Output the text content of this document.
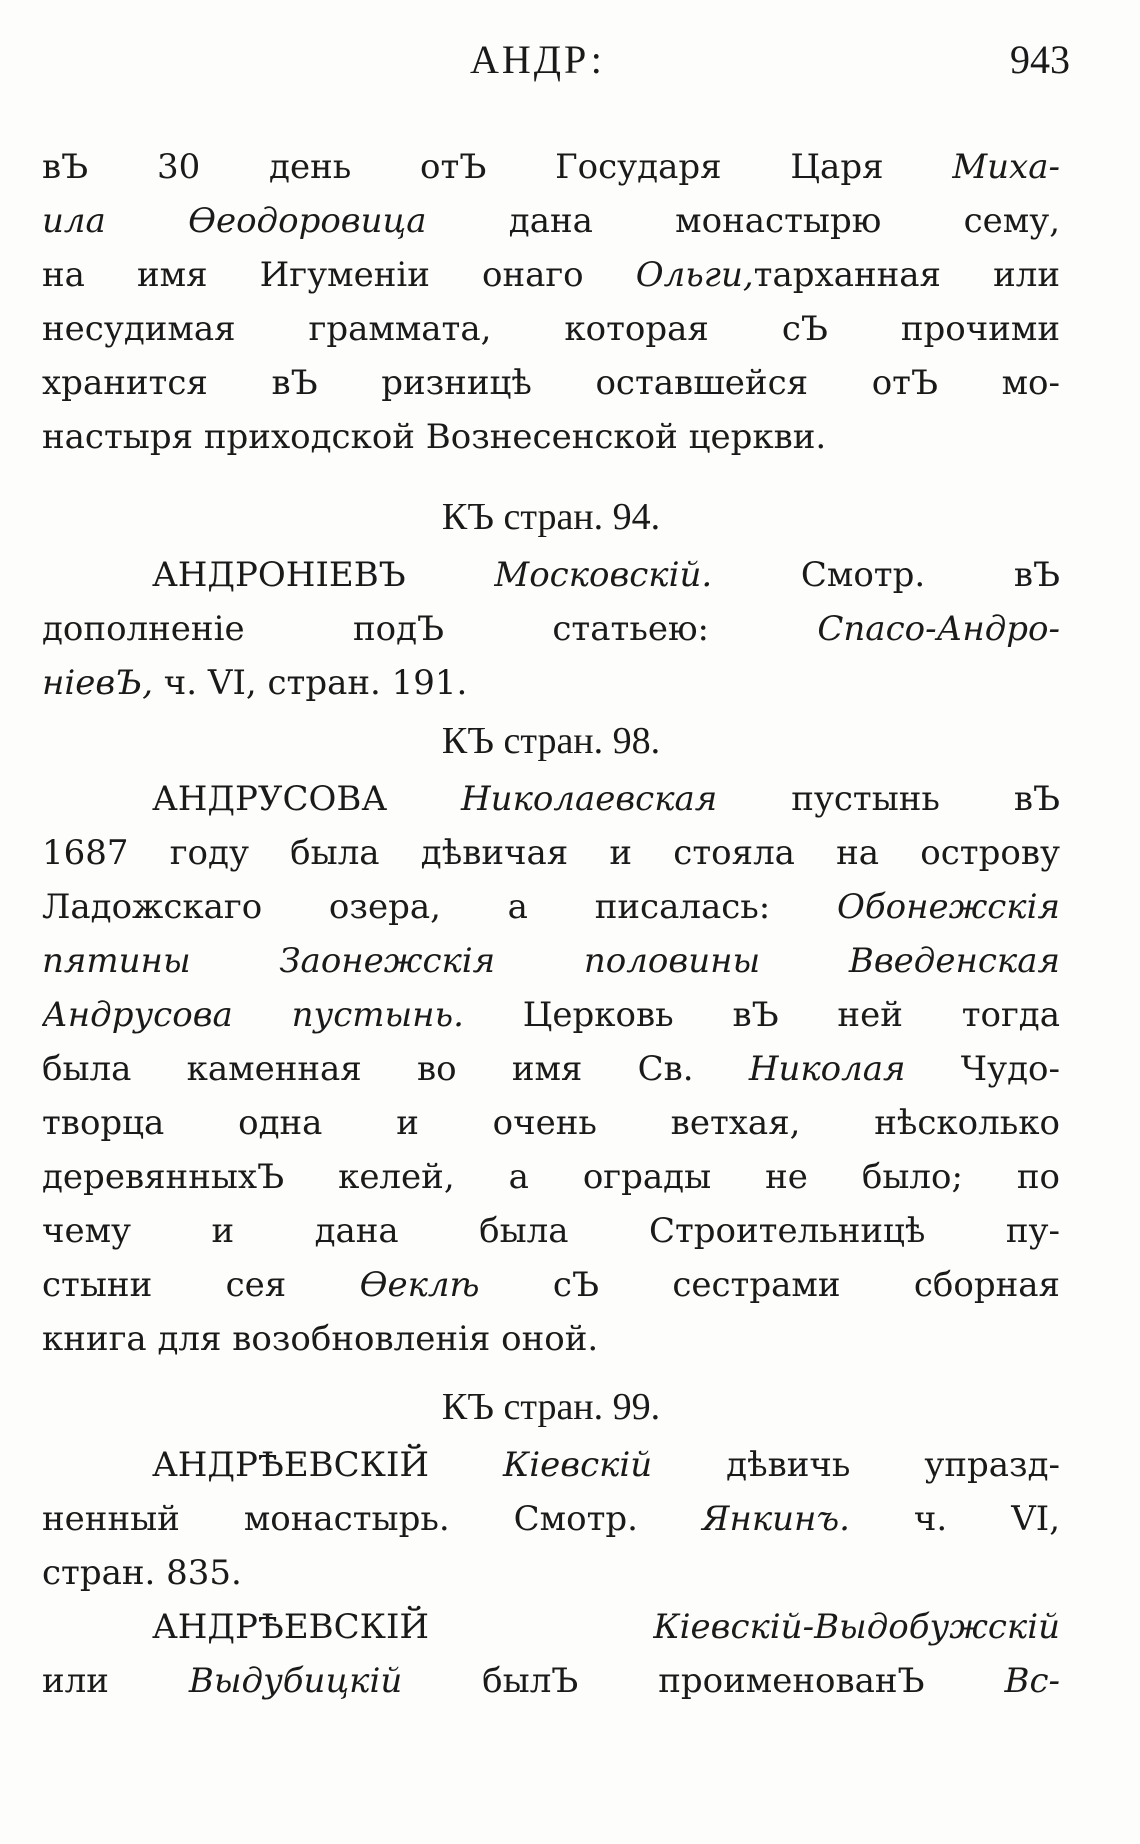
АНДР:	943
вЪ 30 день отЪ Государя Царя Миха-
ила Өеодоровица дана монастырю сему,
на имя Игуменіи онаго Ольги,тарханная или
несудимая граммата, которая сЪ прочими
хранится вЪ ризницѣ оставшейся отЪ мо-
настыря приходской Вознесенской церкви.
КЪ стран. 94.
АНДРОНІЕВЪ Московскій. Смотр. вЪ
дополненіе подЪ статьею: Спасо-Андро-
ніевЪ, ч. VI, стран. 191.
КЪ стран. 98.
АНДРУСОВА Николаевская пустынь вЪ
1687 году была дѣвичая и стояла на острову
Ладожскаго озера, а писалась: Обонежскія
пятины Заонежскія половины Введенская
Андрусова пустынь. Церковь вЪ ней тогда
была каменная во имя Св. Николая Чудо-
творца одна и очень ветхая, нѣсколько
деревянныхЪ келей, а ограды не было; по
чему и дана была Строительницѣ пу-
стыни сея Өеклѣ сЪ сестрами сборная
книга для возобновленія оной.
КЪ стран. 99.
АНДРѢЕВСКІЙ Кіевскій дѣвичь упразд-
ненный монастырь. Смотр. Янкинъ. ч. VI,
стран. 835.
АНДРѢЕВСКІЙ Кіевскій-Выдобужскій
или Выдубицкій былЪ проименованЪ Вс-
